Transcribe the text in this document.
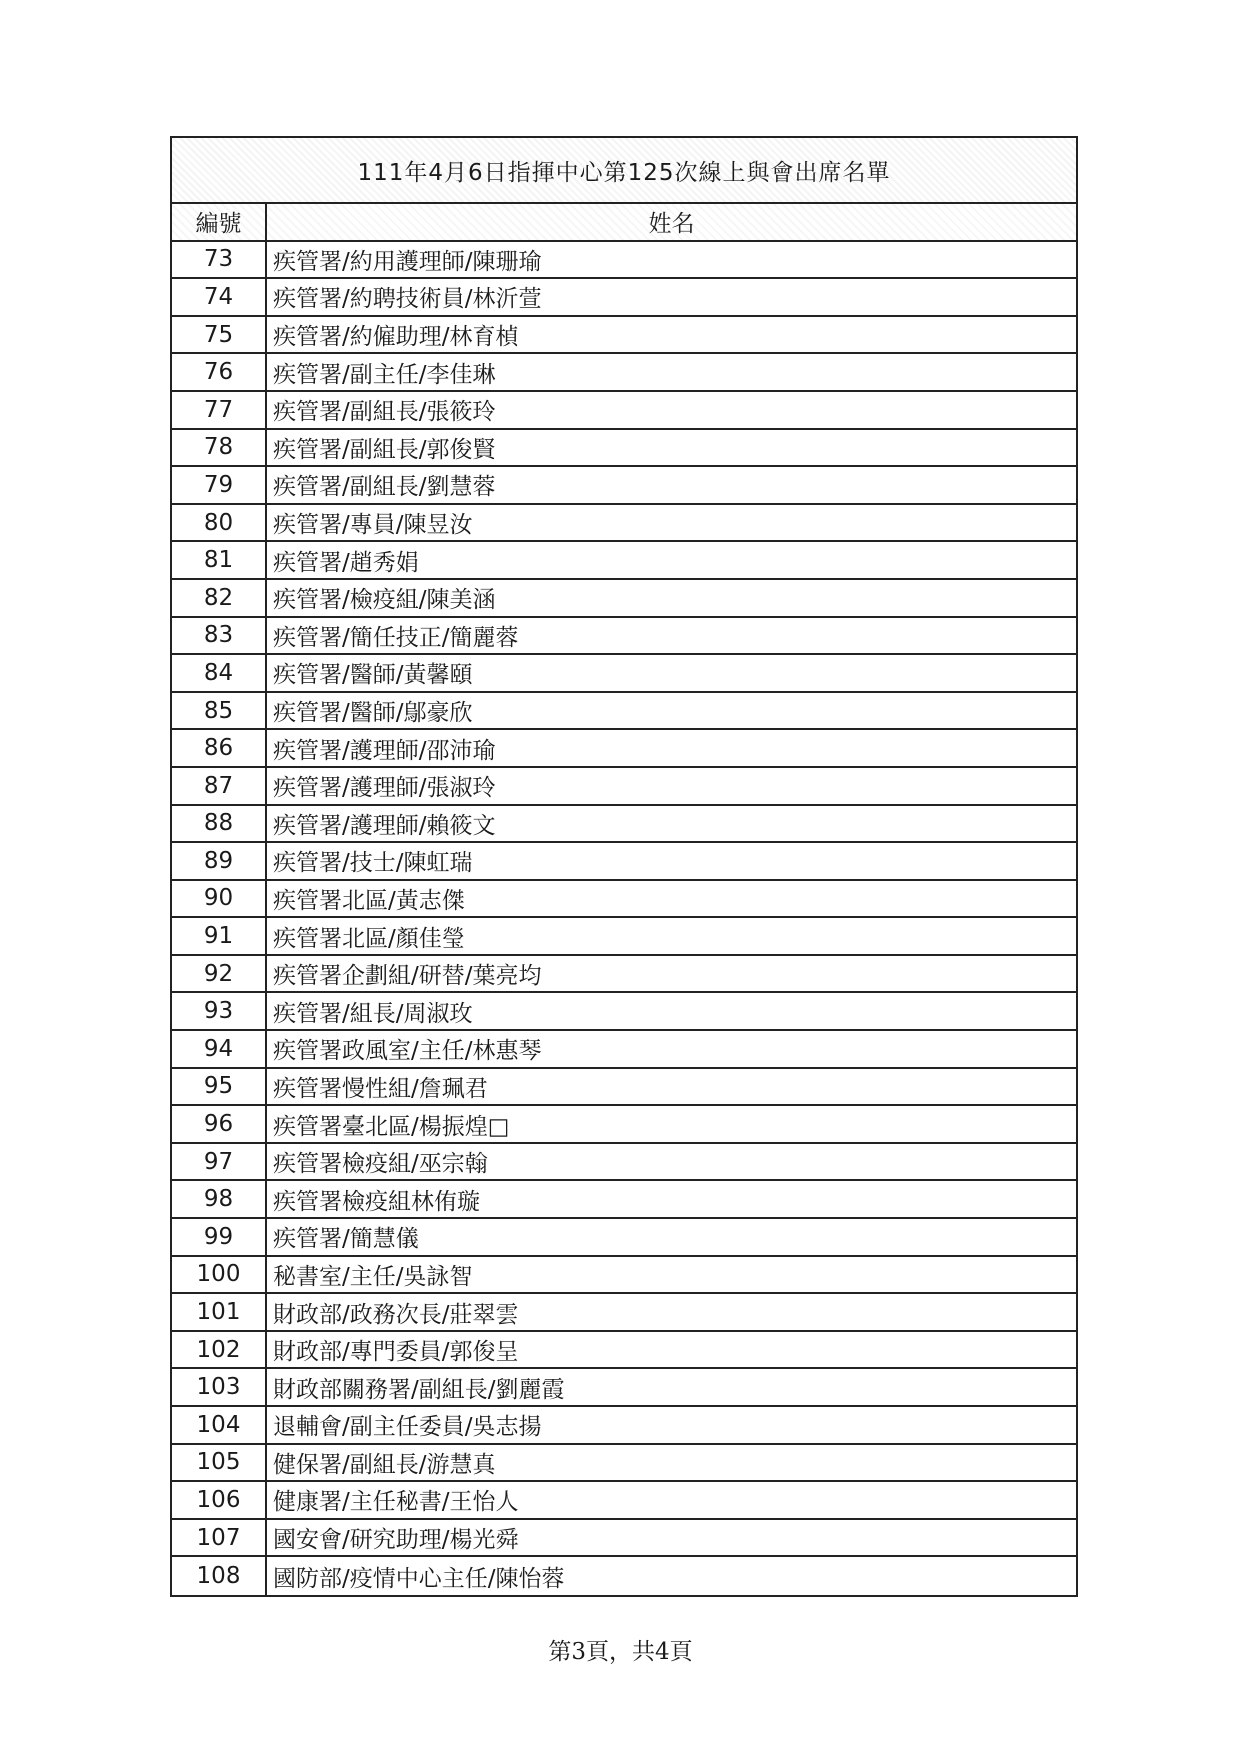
111年4月6日指揮中心第125次線上與會出席名單
編號	姓名
73	疾管署/約用護理師/陳珊瑜
74	疾管署/約聘技術員/林沂萱
75	疾管署/約僱助理/林育楨
76	疾管署/副主任/李佳琳
77	疾管署/副組長/張筱玲
78	疾管署/副組長/郭俊賢
79	疾管署/副組長/劉慧蓉
80	疾管署/專員/陳昱汝
81	疾管署/趙秀娟
82	疾管署/檢疫組/陳美涵
83	疾管署/簡任技正/簡麗蓉
84	疾管署/醫師/黃馨頤
85	疾管署/醫師/鄔豪欣
86	疾管署/護理師/邵沛瑜
87	疾管署/護理師/張淑玲
88	疾管署/護理師/賴筱文
89	疾管署/技士/陳虹瑞
90	疾管署北區/黃志傑
91	疾管署北區/顏佳瑩
92	疾管署企劃組/研替/葉亮均
93	疾管署/組長/周淑玫
94	疾管署政風室/主任/林惠琴
95	疾管署慢性組/詹珮君
96	疾管署臺北區/楊振煌□
97	疾管署檢疫組/巫宗翰
98	疾管署檢疫組林侑璇
99	疾管署/簡慧儀
100	秘書室/主任/吳詠智
101	財政部/政務次長/莊翠雲
102	財政部/專門委員/郭俊呈
103	財政部關務署/副組長/劉麗霞
104	退輔會/副主任委員/吳志揚
105	健保署/副組長/游慧真
106	健康署/主任秘書/王怡人
107	國安會/研究助理/楊光舜
108	國防部/疫情中心主任/陳怡蓉
第3頁，共4頁
